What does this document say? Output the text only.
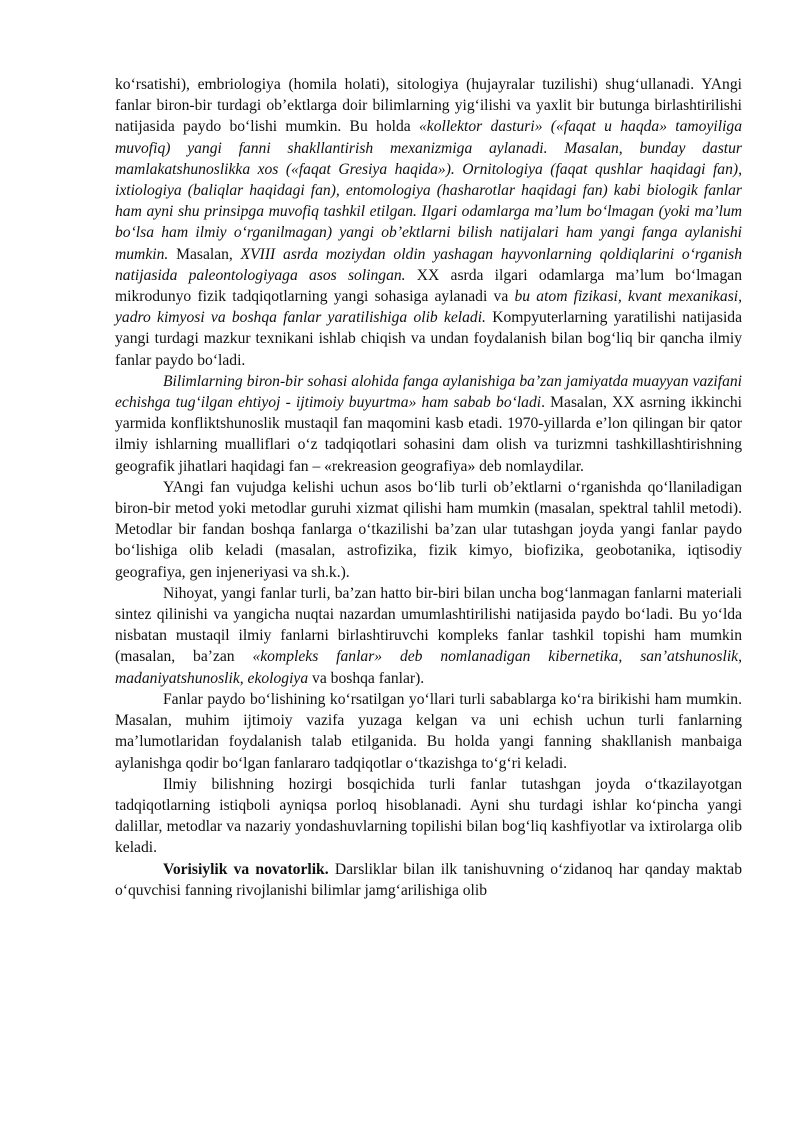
koʻrsatishi), embriologiya (homila holati), sitologiya (hujayralar tuzilishi) shugʻullanadi. YAngi fanlar biron-bir turdagi obʼektlarga doir bilimlarning yigʻilishi va yaxlit bir butunga birlashtirilishi natijasida paydo boʻlishi mumkin. Bu holda «kollektor dasturi» («faqat u haqda» tamoyiliga muvofiq) yangi fanni shakllantirish mexanizmiga aylanadi. Masalan, bunday dastur mamlakatshunoslikka xos («faqat Gresiya haqida»). Ornitologiya (faqat qushlar haqidagi fan), ixtiologiya (baliqlar haqidagi fan), entomologiya (hasharotlar haqidagi fan) kabi biologik fanlar ham ayni shu prinsipga muvofiq tashkil etilgan. Ilgari odamlarga maʼlum boʻlmagan (yoki maʼlum boʻlsa ham ilmiy oʻrganilmagan) yangi obʼektlarni bilish natijalari ham yangi fanga aylanishi mumkin. Masalan, XVIII asrda moziydan oldin yashagan hayvonlarning qoldiqlarini oʻrganish natijasida paleontologiyaga asos solingan. XX asrda ilgari odamlarga maʼlum boʻlmagan mikrodunyo fizik tadqiqotlarning yangi sohasiga aylanadi va bu atom fizikasi, kvant mexanikasi, yadro kimyosi va boshqa fanlar yaratilishiga olib keladi. Kompyuterlarning yaratilishi natijasida yangi turdagi mazkur texnikani ishlab chiqish va undan foydalanish bilan bogʻliq bir qancha ilmiy fanlar paydo boʻladi.

Bilimlarning biron-bir sohasi alohida fanga aylanishiga baʼzan jamiyatda muayyan vazifani echishga tugʻilgan ehtiyoj - ijtimoiy buyurtma» ham sabab boʻladi. Masalan, XX asrning ikkinchi yarmida konfliktshunoslik mustaqil fan maqomini kasb etadi. 1970-yillarda eʼlon qilingan bir qator ilmiy ishlarning mualliflari oʻz tadqiqotlari sohasini dam olish va turizmni tashkillashtirishning geografik jihatlari haqidagi fan – «rekreasion geografiya» deb nomlaydilar.

YAngi fan vujudga kelishi uchun asos boʻlib turli obʼektlarni oʻrganishda qoʻllaniladigan biron-bir metod yoki metodlar guruhi xizmat qilishi ham mumkin (masalan, spektral tahlil metodi). Metodlar bir fandan boshqa fanlarga oʻtkazilishi baʼzan ular tutashgan joyda yangi fanlar paydo boʻlishiga olib keladi (masalan, astrofizika, fizik kimyo, biofizika, geobotanika, iqtisodiy geografiya, gen injeneriyasi va sh.k.).

Nihoyat, yangi fanlar turli, baʼzan hatto bir-biri bilan uncha bogʻlanmagan fanlarni materiali sintez qilinishi va yangicha nuqtai nazardan umumlashtirilishi natijasida paydo boʻladi. Bu yoʻlda nisbatan mustaqil ilmiy fanlarni birlashtiruvchi kompleks fanlar tashkil topishi ham mumkin (masalan, baʼzan «kompleks fanlar» deb nomlanadigan kibernetika, sanʼatshunoslik, madaniyatshunoslik, ekologiya va boshqa fanlar).

Fanlar paydo boʻlishining koʻrsatilgan yoʻllari turli sabablarga koʻra birikishi ham mumkin. Masalan, muhim ijtimoiy vazifa yuzaga kelgan va uni echish uchun turli fanlarning maʼlumotlaridan foydalanish talab etilganida. Bu holda yangi fanning shakllanish manbaiga aylanishga qodir boʻlgan fanlararo tadqiqotlar oʻtkazishga toʻgʻri keladi.

Ilmiy bilishning hozirgi bosqichida turli fanlar tutashgan joyda oʻtkazilayotgan tadqiqotlarning istiqboli ayniqsa porloq hisoblanadi. Ayni shu turdagi ishlar koʻpincha yangi dalillar, metodlar va nazariy yondashuvlarning topilishi bilan bogʻliq kashfiyotlar va ixtirolarga olib keladi.

Vorisiylik va novatorlik. Darsliklar bilan ilk tanishuvning oʻzidanoq har qanday maktab oʻquvchisi fanning rivojlanishi bilimlar jamgʻarilishiga olib
